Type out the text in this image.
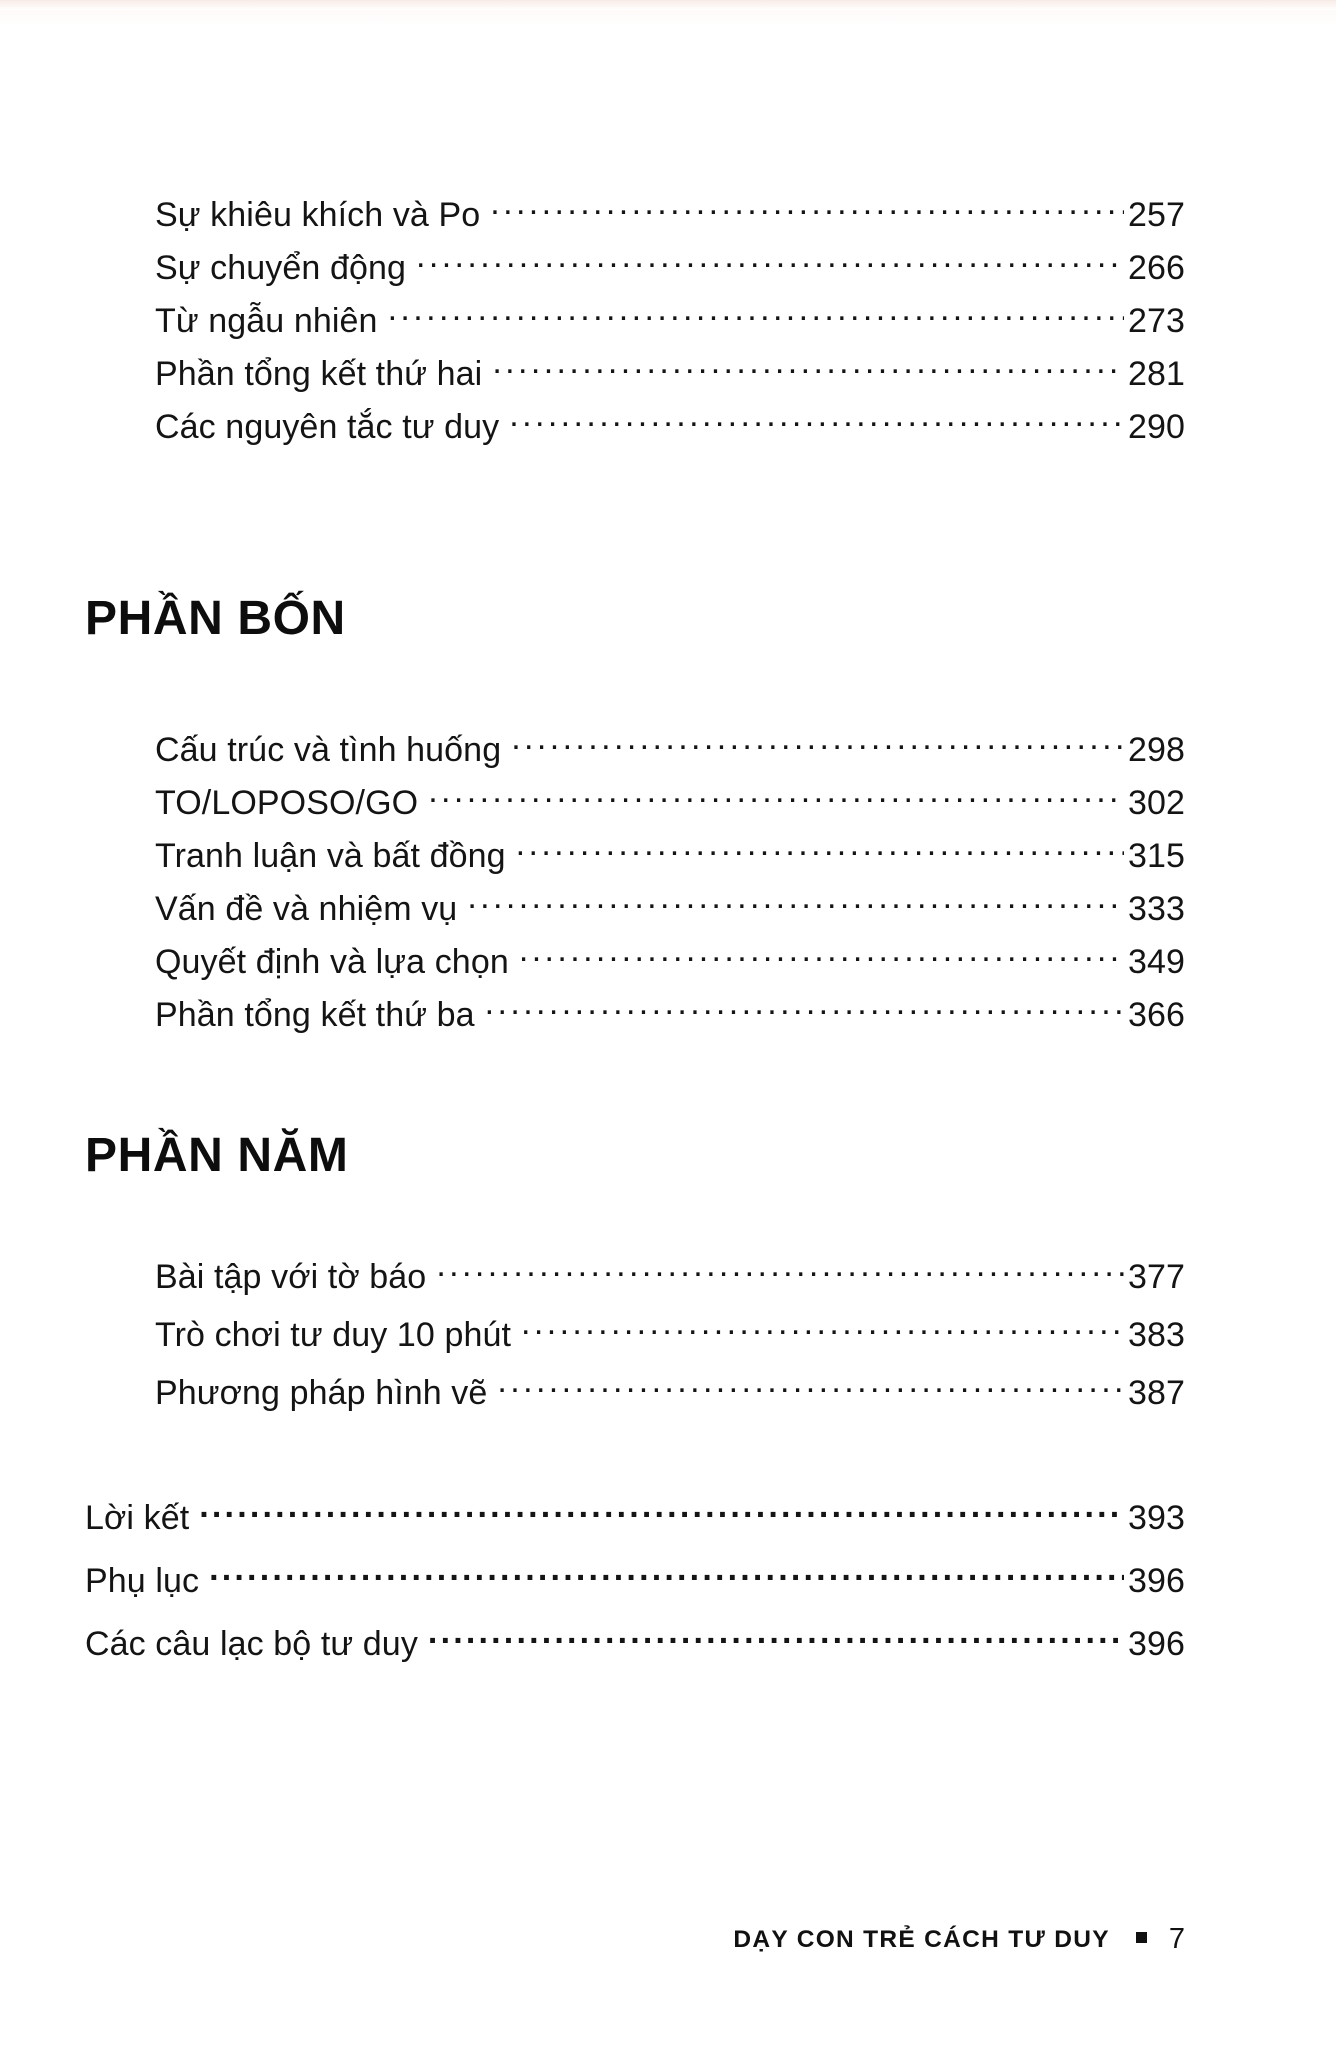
Sự khiêu khích và Po .....	257
Sự chuyển động .....	266
Từ ngẫu nhiên .....	273
Phần tổng kết thứ hai .....	281
Các nguyên tắc tư duy .....	290
PHẦN BỐN
Cấu trúc và tình huống .....	298
TO/LOPOSO/GO .....	302
Tranh luận và bất đồng .....	315
Vấn đề và nhiệm vụ .....	333
Quyết định và lựa chọn .....	349
Phần tổng kết thứ ba .....	366
PHẦN NĂM
Bài tập với tờ báo .....	377
Trò chơi tư duy 10 phút .....	383
Phương pháp hình vẽ .....	387
Lời kết .....	393
Phụ lục .....	396
Các câu lạc bộ tư duy .....	396
DẠY CON TRẺ CÁCH TƯ DUY 7
